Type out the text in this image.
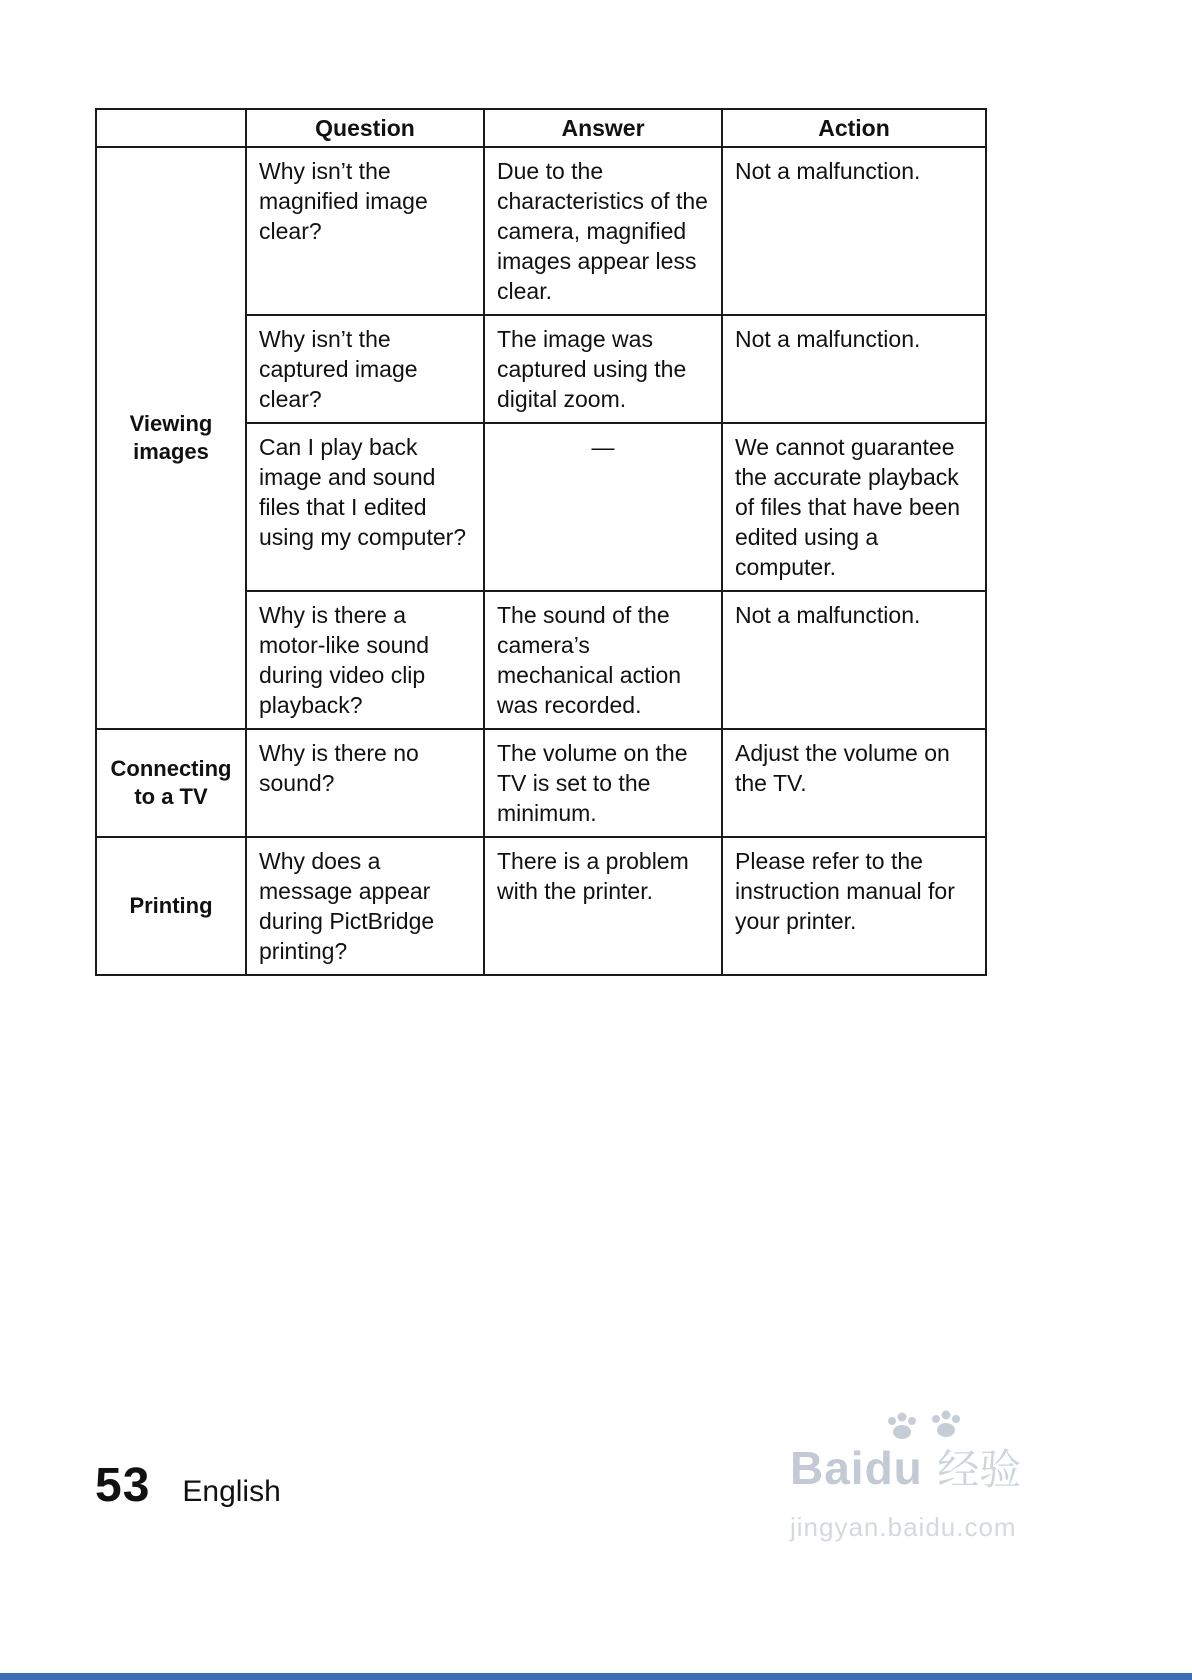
	Question	Answer	Action
Viewing images	Why isn’t the magnified image clear?	Due to the characteristics of the camera, magnified images appear less clear.	Not a malfunction.
	Why isn’t the captured image clear?	The image was captured using the digital zoom.	Not a malfunction.
	Can I play back image and sound files that I edited using my computer?	—	We cannot guarantee the accurate playback of files that have been edited using a computer.
	Why is there a motor-like sound during video clip playback?	The sound of the camera’s mechanical action was recorded.	Not a malfunction.
Connecting to a TV	Why is there no sound?	The volume on the TV is set to the minimum.	Adjust the volume on the TV.
Printing	Why does a message appear during PictBridge printing?	There is a problem with the printer.	Please refer to the instruction manual for your printer.
53 English	Baidu 经验
jingyan.baidu.com
